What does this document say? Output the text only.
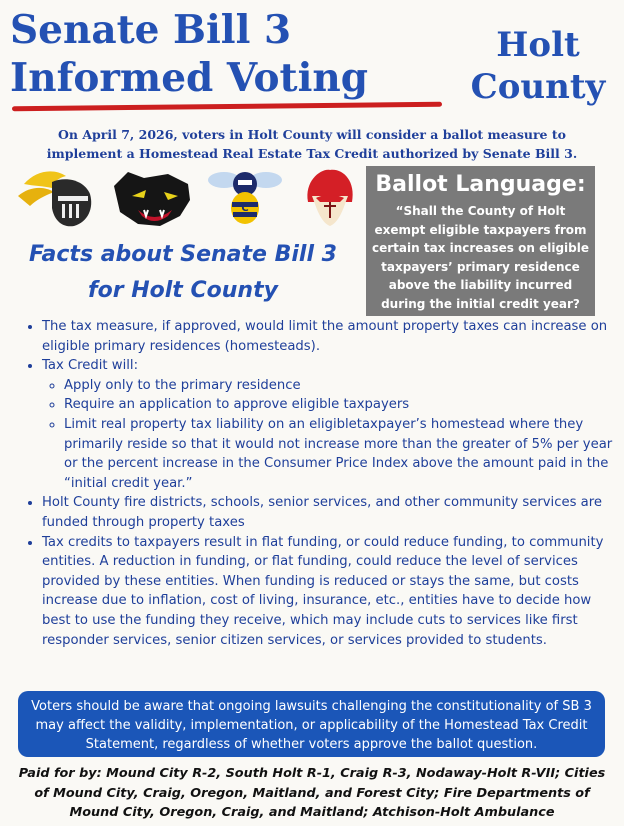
Senate Bill 3
Informed Voting
Holt
County
On April 7, 2026, voters in Holt County will consider a ballot measure to implement a Homestead Real Estate Tax Credit authorized by Senate Bill 3.
C
Ballot Language:
“Shall the County of Holt exempt eligible taxpayers from certain tax increases on eligible taxpayers’ primary residence above the liability incurred during the initial credit year?
Facts about Senate Bill 3
for Holt County
• The tax measure, if approved, would limit the amount property taxes can increase on eligible primary residences (homesteads).
• Tax Credit will:
◦ Apply only to the primary residence
◦ Require an application to approve eligible taxpayers
◦ Limit real property tax liability on an eligibletaxpayer’s homestead where they primarily reside so that it would not increase more than the greater of 5% per year or the percent increase in the Consumer Price Index above the amount paid in the “initial credit year.”
• Holt County fire districts, schools, senior services, and other community services are funded through property taxes
• Tax credits to taxpayers result in flat funding, or could reduce funding, to community entities. A reduction in funding, or flat funding, could reduce the level of services provided by these entities. When funding is reduced or stays the same, but costs increase due to inflation, cost of living, insurance, etc., entities have to decide how best to use the funding they receive, which may include cuts to services like first responder services, senior citizen services, or services provided to students.
Voters should be aware that ongoing lawsuits challenging the constitutionality of SB 3 may affect the validity, implementation, or applicability of the Homestead Tax Credit Statement, regardless of whether voters approve the ballot question.
Paid for by: Mound City R-2, South Holt R-1, Craig R-3, Nodaway-Holt R-VII; Cities of Mound City, Craig, Oregon, Maitland, and Forest City; Fire Departments of Mound City, Oregon, Craig, and Maitland; Atchison-Holt Ambulance
